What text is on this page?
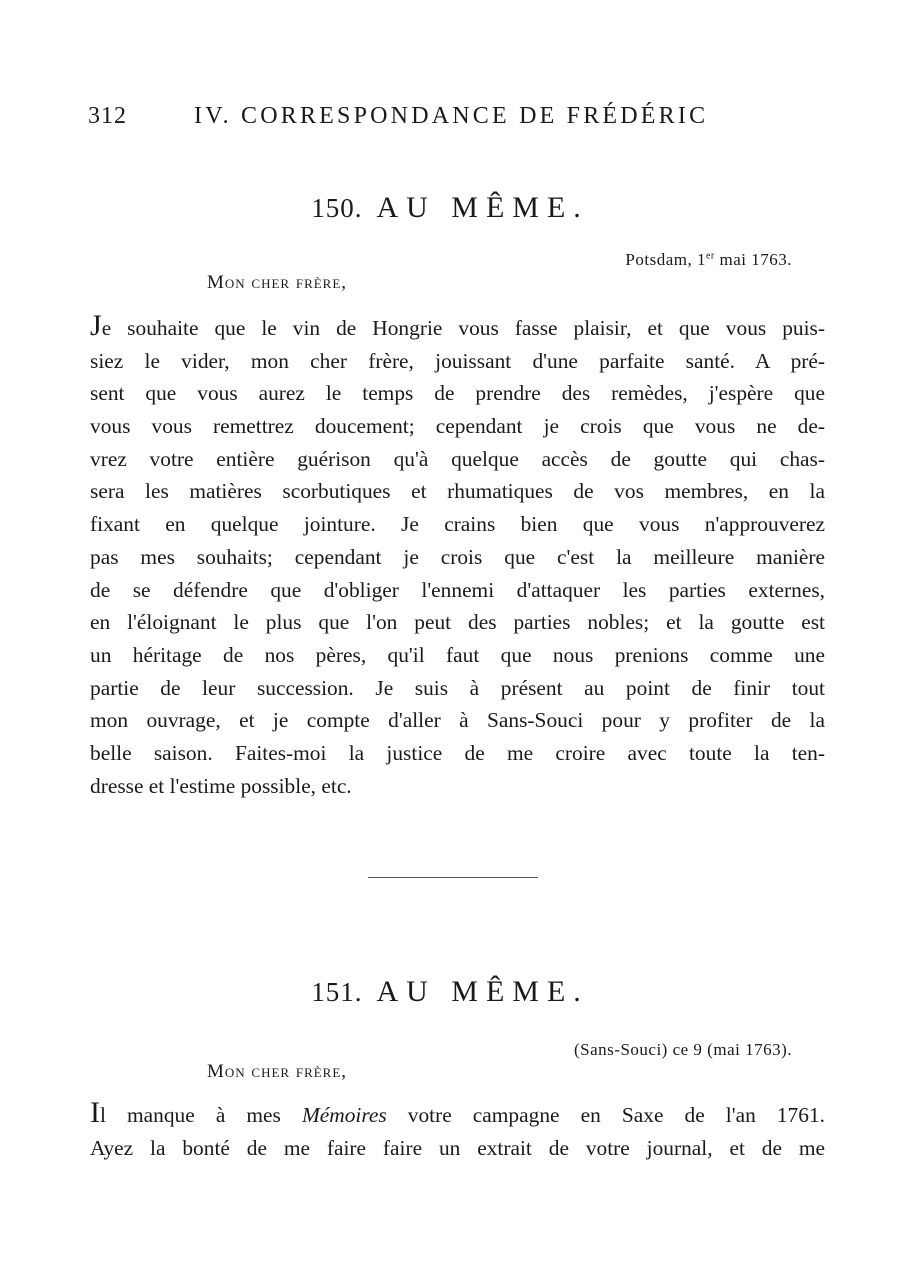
312	IV. CORRESPONDANCE DE FRÉDÉRIC
150. AU MÊME.
Potsdam, 1er mai 1763.
Mon cher frère,
Je souhaite que le vin de Hongrie vous fasse plaisir, et que vous puis-
siez le vider, mon cher frère, jouissant d'une parfaite santé. A pré-
sent que vous aurez le temps de prendre des remèdes, j'espère que
vous vous remettrez doucement; cependant je crois que vous ne de-
vrez votre entière guérison qu'à quelque accès de goutte qui chas-
sera les matières scorbutiques et rhumatiques de vos membres, en la
fixant en quelque jointure. Je crains bien que vous n'approuverez
pas mes souhaits; cependant je crois que c'est la meilleure manière
de se défendre que d'obliger l'ennemi d'attaquer les parties externes,
en l'éloignant le plus que l'on peut des parties nobles; et la goutte est
un héritage de nos pères, qu'il faut que nous prenions comme une
partie de leur succession. Je suis à présent au point de finir tout
mon ouvrage, et je compte d'aller à Sans-Souci pour y profiter de la
belle saison. Faites-moi la justice de me croire avec toute la ten-
dresse et l'estime possible, etc.
151. AU MÊME.
(Sans-Souci) ce 9 (mai 1763).
Mon cher frère,
Il manque à mes Mémoires votre campagne en Saxe de l'an 1761.
Ayez la bonté de me faire faire un extrait de votre journal, et de me
